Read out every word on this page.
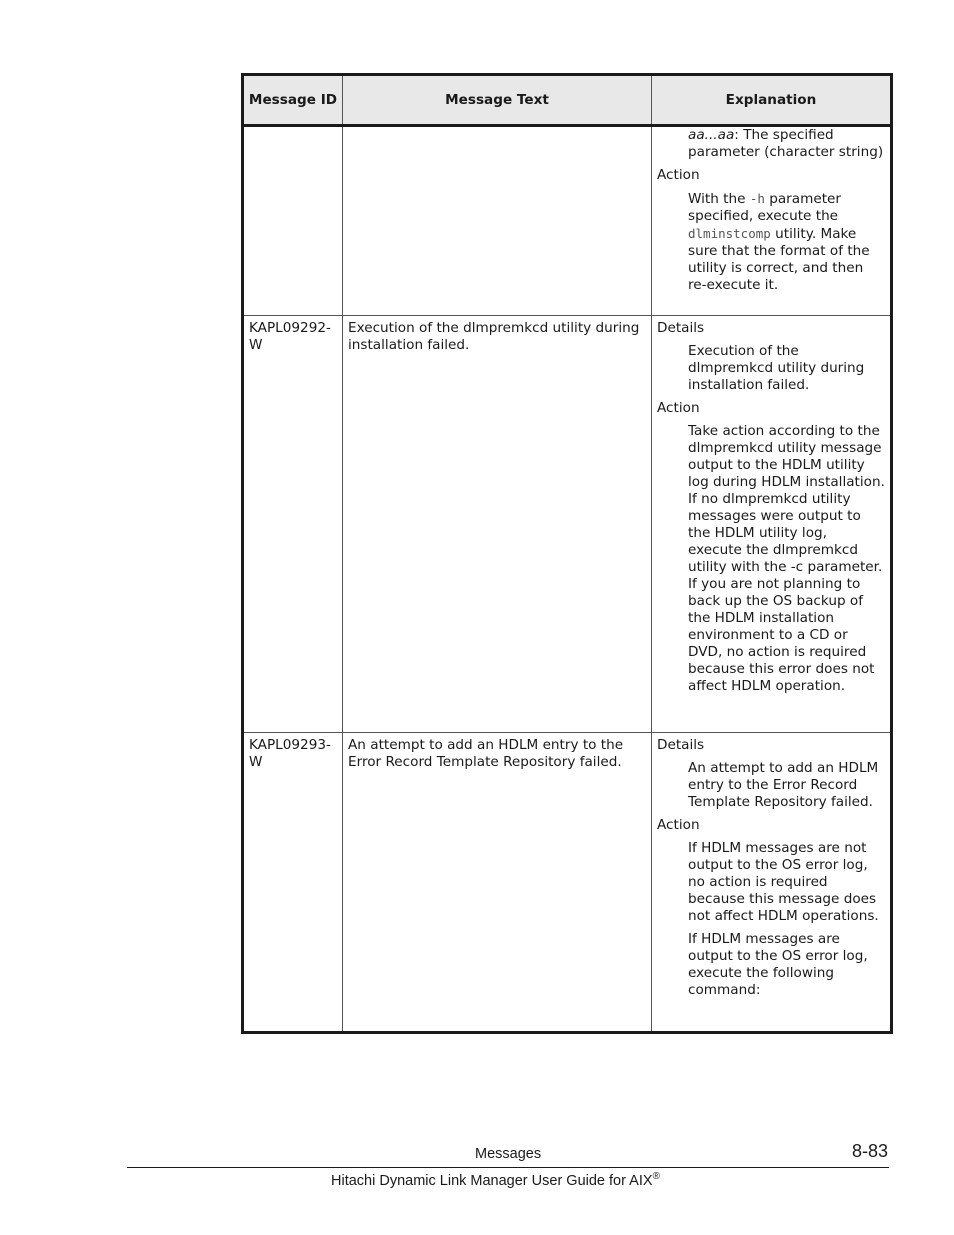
Message ID	Message Text	Explanation

		aa...aa: The specified parameter (character string)
Action
With the -h parameter specified, execute the dlminstcomp utility. Make sure that the format of the utility is correct, and then re-execute it.

KAPL09292-W	Execution of the dlmpremkcd utility during installation failed.	Details
Execution of the dlmpremkcd utility during installation failed.
Action
Take action according to the dlmpremkcd utility message output to the HDLM utility log during HDLM installation. If no dlmpremkcd utility messages were output to the HDLM utility log, execute the dlmpremkcd utility with the -c parameter. If you are not planning to back up the OS backup of the HDLM installation environment to a CD or DVD, no action is required because this error does not affect HDLM operation.

KAPL09293-W	An attempt to add an HDLM entry to the Error Record Template Repository failed.	Details
An attempt to add an HDLM entry to the Error Record Template Repository failed.
Action
If HDLM messages are not output to the OS error log, no action is required because this message does not affect HDLM operations.
If HDLM messages are output to the OS error log, execute the following command:
Messages	8-83
Hitachi Dynamic Link Manager User Guide for AIX®
